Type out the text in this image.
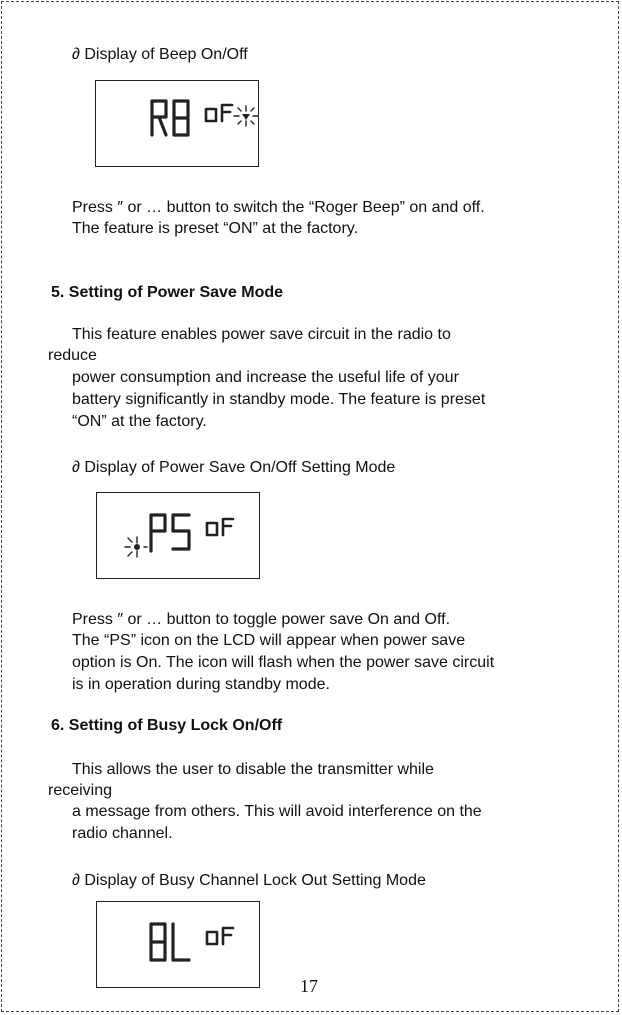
∂ Display of Beep On/Off
Press ″ or … button to switch the “Roger Beep” on and off.
The feature is preset “ON” at the factory.
5. Setting of Power Save Mode
This feature enables power save circuit in the radio to
reduce
power consumption and increase the useful life of your
battery significantly in standby mode. The feature is preset
“ON” at the factory.
∂ Display of Power Save On/Off Setting Mode
Press ″ or … button to toggle power save On and Off.
The “PS” icon on the LCD will appear when power save
option is On. The icon will flash when the power save circuit
is in operation during standby mode.
6. Setting of Busy Lock On/Off
This allows the user to disable the transmitter while
receiving
a message from others. This will avoid interference on the
radio channel.
∂ Display of Busy Channel Lock Out Setting Mode
17
